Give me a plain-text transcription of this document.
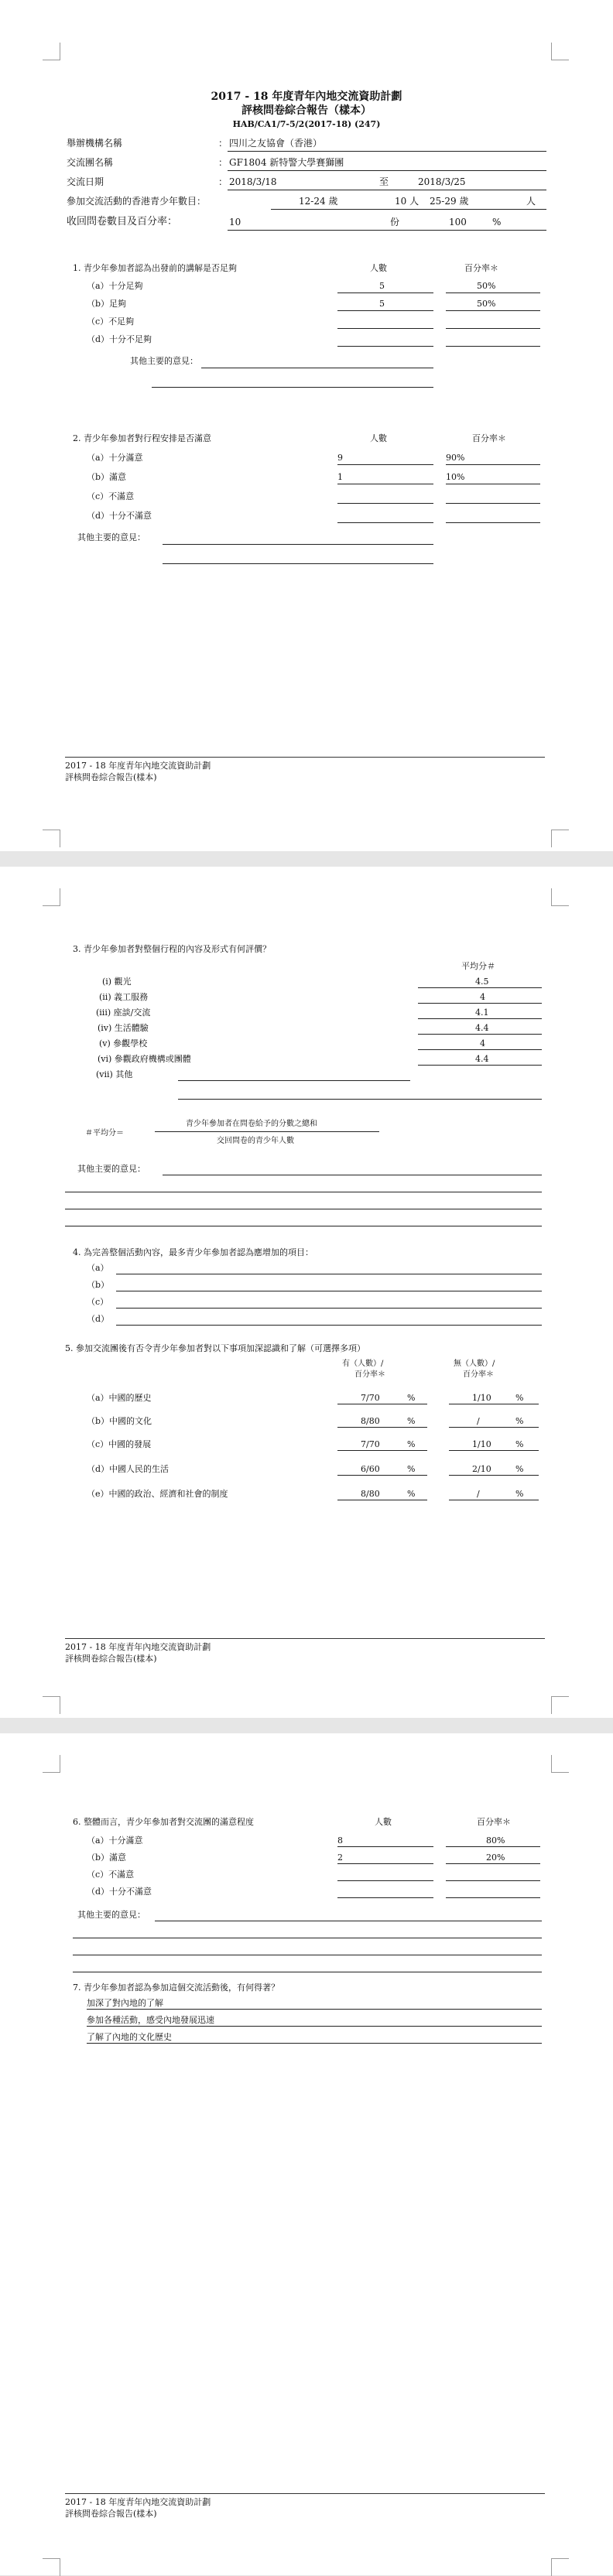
2017 - 18 年度青年內地交流資助計劃
評核問卷綜合報告（樣本）
HAB/CA1/7-5/2(2017-18) (247)
舉辦機構名稱	： 四川之友協會（香港）
交流團名稱	： GF1804 新特警大學賽獅團
交流日期	： 2018/3/18	至	2018/3/25
參加交流活動的香港青少年數目：	12-24 歲	10 人 25-29 歲	人
收回問卷數目及百分率：	10	份	100	%
1. 青少年參加者認為出發前的講解是否足夠	人數	百分率＊
（a）十分足夠	5	50%
（b）足夠	5	50%
（c）不足夠
（d）十分不足夠
其他主要的意見：
2. 青少年參加者對行程安排是否滿意	人數	百分率＊
（a）十分滿意	9	90%
（b）滿意	1	10%
（c）不滿意
（d）十分不滿意
其他主要的意見：
2017 - 18 年度青年內地交流資助計劃
評核問卷綜合報告(樣本)
3. 青少年參加者對整個行程的內容及形式有何評價？
平均分＃
(i) 觀光	4.5
(ii) 義工服務	4
(iii) 座談/交流	4.1
(iv) 生活體驗	4.4
(v) 參觀學校	4
(vi) 參觀政府機構或團體	4.4
(vii) 其他
＃平均分＝
青少年參加者在問卷給予的分數之總和
交回問卷的青少年人數
其他主要的意見：
4. 為完善整個活動內容，最多青少年參加者認為應增加的項目：
（a）
（b）
（c）
（d）
5. 參加交流團後有否令青少年參加者對以下事項加深認識和了解（可選擇多項）
有（人數）/
百分率＊
無（人數）/
百分率＊
（a）中國的歷史	7/70	%	1/10	%
（b）中國的文化	8/80	%	/	%
（c）中國的發展	7/70	%	1/10	%
（d）中國人民的生活	6/60	%	2/10	%
（e）中國的政治、經濟和社會的制度	8/80	%	/	%
2017 - 18 年度青年內地交流資助計劃
評核問卷綜合報告(樣本)
6. 整體而言，青少年參加者對交流團的滿意程度	人數	百分率＊
（a）十分滿意	8	80%
（b）滿意	2	20%
（c）不滿意
（d）十分不滿意
其他主要的意見：
7. 青少年參加者認為參加這個交流活動後，有何得著？
加深了對內地的了解
參加各種活動，感受內地發展迅速
了解了內地的文化歷史
2017 - 18 年度青年內地交流資助計劃
評核問卷綜合報告(樣本)
